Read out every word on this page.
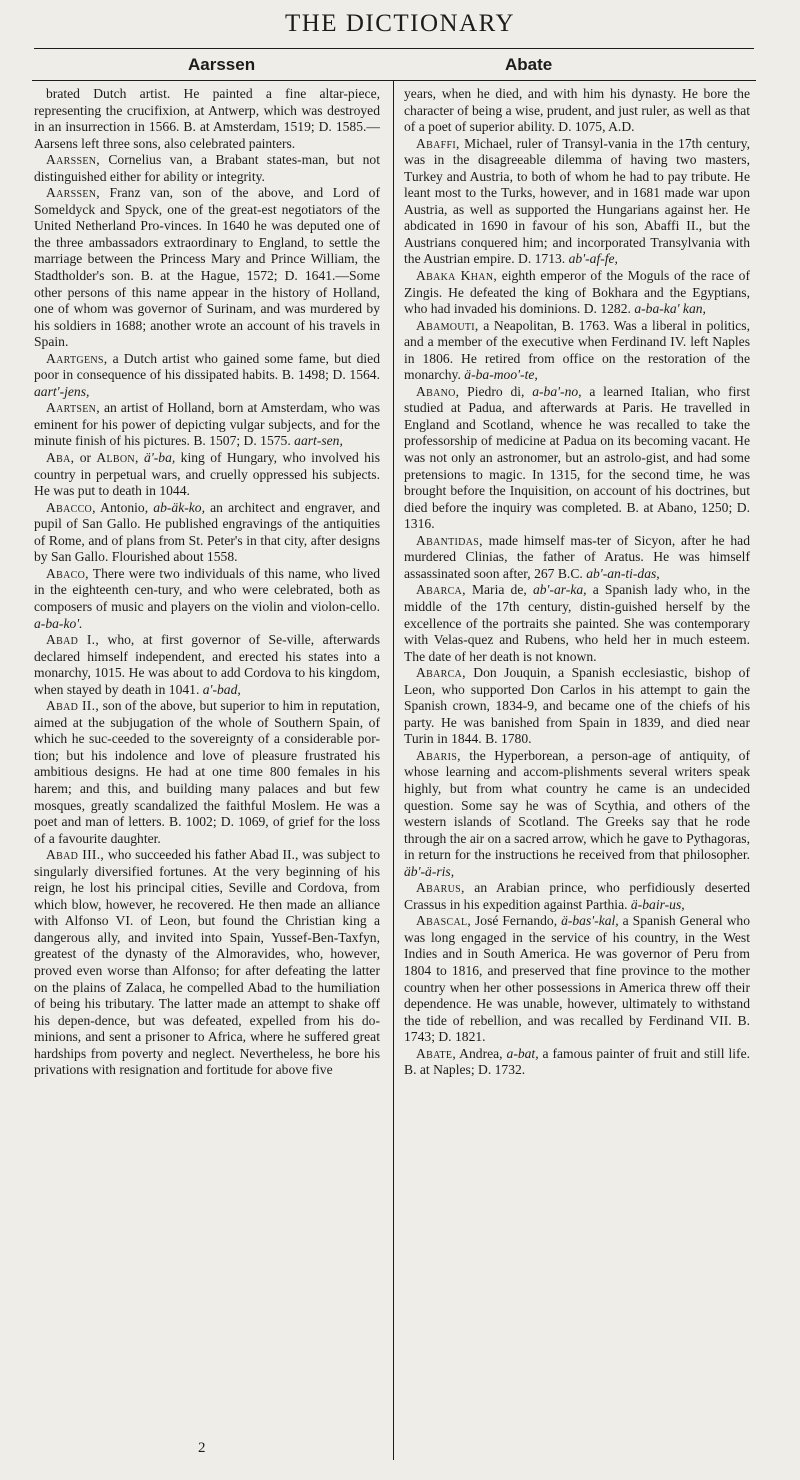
THE DICTIONARY
Aarssen	Abate

brated Dutch artist. He painted a fine altar-piece, representing the crucifixion, at Antwerp, which was destroyed in an insurrection in 1566. B. at Amsterdam, 1519; D. 1585.—Aarsens left three sons, also celebrated painters.

Aarssen, Cornelius van, a Brabant states-man, but not distinguished either for ability or integrity.

Aarssen, Franz van, son of the above, and Lord of Someldyck and Spyck, one of the great-est negotiators of the United Netherland Pro-vinces. In 1640 he was deputed one of the three ambassadors extraordinary to England, to settle the marriage between the Princess Mary and Prince William, the Stadtholder's son. B. at the Hague, 1572; D. 1641.—Some other persons of this name appear in the history of Holland, one of whom was governor of Surinam, and was murdered by his soldiers in 1688; another wrote an account of his travels in Spain.

Aartgens, a Dutch artist who gained some fame, but died poor in consequence of his dissipated habits. B. 1498; D. 1564. aart'-jens,

Aartsen, an artist of Holland, born at Amsterdam, who was eminent for his power of depicting vulgar subjects, and for the minute finish of his pictures. B. 1507; D. 1575. aart-sen,

Aba, or Albon, ä'-ba, king of Hungary, who involved his country in perpetual wars, and cruelly oppressed his subjects. He was put to death in 1044.

Abacco, Antonio, ab-äk-ko, an architect and engraver, and pupil of San Gallo. He published engravings of the antiquities of Rome, and of plans from St. Peter's in that city, after designs by San Gallo. Flourished about 1558.

Abaco, There were two individuals of this name, who lived in the eighteenth cen-tury, and who were celebrated, both as composers of music and players on the violin and violon-cello. a-ba-ko'.

Abad I., who, at first governor of Se-ville, afterwards declared himself independent, and erected his states into a monarchy, 1015. He was about to add Cordova to his kingdom, when stayed by death in 1041. a'-bad,

Abad II., son of the above, but superior to him in reputation, aimed at the subjugation of the whole of Southern Spain, of which he suc-ceeded to the sovereignty of a considerable por-tion; but his indolence and love of pleasure frustrated his ambitious designs. He had at one time 800 females in his harem; and this, and building many palaces and but few mosques, greatly scandalized the faithful Moslem. He was a poet and man of letters. B. 1002; D. 1069, of grief for the loss of a favourite daughter.

Abad III., who succeeded his father Abad II., was subject to singularly diversified fortunes. At the very beginning of his reign, he lost his principal cities, Seville and Cordova, from which blow, however, he recovered. He then made an alliance with Alfonso VI. of Leon, but found the Christian king a dangerous ally, and invited into Spain, Yussef-Ben-Taxfyn, greatest of the dynasty of the Almoravides, who, however, proved even worse than Alfonso; for after defeating the latter on the plains of Zalaca, he compelled Abad to the humiliation of being his tributary. The latter made an attempt to shake off his depen-dence, but was defeated, expelled from his do-minions, and sent a prisoner to Africa, where he suffered great hardships from poverty and neglect. Nevertheless, he bore his privations with resignation and fortitude for above five

years, when he died, and with him his dynasty. He bore the character of being a wise, prudent, and just ruler, as well as that of a poet of superior ability. D. 1075, A.D.

Abaffi, Michael, ruler of Transyl-vania in the 17th century, was in the disagreeable dilemma of having two masters, Turkey and Austria, to both of whom he had to pay tribute. He leant most to the Turks, however, and in 1681 made war upon Austria, as well as supported the Hungarians against her. He abdicated in 1690 in favour of his son, Abaffi II., but the Austrians conquered him; and incorporated Transylvania with the Austrian empire. D. 1713. ab'-af-fe,

Abaka Khan, eighth emperor of the Moguls of the race of Zingis. He defeated the king of Bokhara and the Egyptians, who had invaded his dominions. D. 1282. a-ba-ka' kan,

Abamouti, a Neapolitan, B. 1763. Was a liberal in politics, and a member of the executive when Ferdinand IV. left Naples in 1806. He retired from office on the restoration of the monarchy. ä-ba-moo'-te,

Abano, Piedro di, a-ba'-no, a learned Italian, who first studied at Padua, and afterwards at Paris. He travelled in England and Scotland, whence he was recalled to take the professorship of medicine at Padua on its becoming vacant. He was not only an astronomer, but an astrolo-gist, and had some pretensions to magic. In 1315, for the second time, he was brought before the Inquisition, on account of his doctrines, but died before the inquiry was completed. B. at Abano, 1250; D. 1316.

Abantidas, made himself mas-ter of Sicyon, after he had murdered Clinias, the father of Aratus. He was himself assassinated soon after, 267 B.C. ab'-an-ti-das,

Abarca, Maria de, ab'-ar-ka, a Spanish lady who, in the middle of the 17th century, distin-guished herself by the excellence of the portraits she painted. She was contemporary with Velas-quez and Rubens, who held her in much esteem. The date of her death is not known.

Abarca, Don Jouquin, a Spanish ecclesiastic, bishop of Leon, who supported Don Carlos in his attempt to gain the Spanish crown, 1834-9, and became one of the chiefs of his party. He was banished from Spain in 1839, and died near Turin in 1844. B. 1780.

Abaris, the Hyperborean, a person-age of antiquity, of whose learning and accom-plishments several writers speak highly, but from what country he came is an undecided question. Some say he was of Scythia, and others of the western islands of Scotland. The Greeks say that he rode through the air on a sacred arrow, which he gave to Pythagoras, in return for the instructions he received from that philosopher. äb'-ä-ris,

Abarus, an Arabian prince, who perfidiously deserted Crassus in his expedition against Parthia. ä-bair-us,

Abascal, José Fernando, ä-bas'-kal, a Spanish General who was long engaged in the service of his country, in the West Indies and in South America. He was governor of Peru from 1804 to 1816, and preserved that fine province to the mother country when her other possessions in America threw off their dependence. He was unable, however, ultimately to withstand the tide of rebellion, and was recalled by Ferdinand VII. B. 1743; D. 1821.

Abate, Andrea, a-bat, a famous painter of fruit and still life. B. at Naples; D. 1732.

2
